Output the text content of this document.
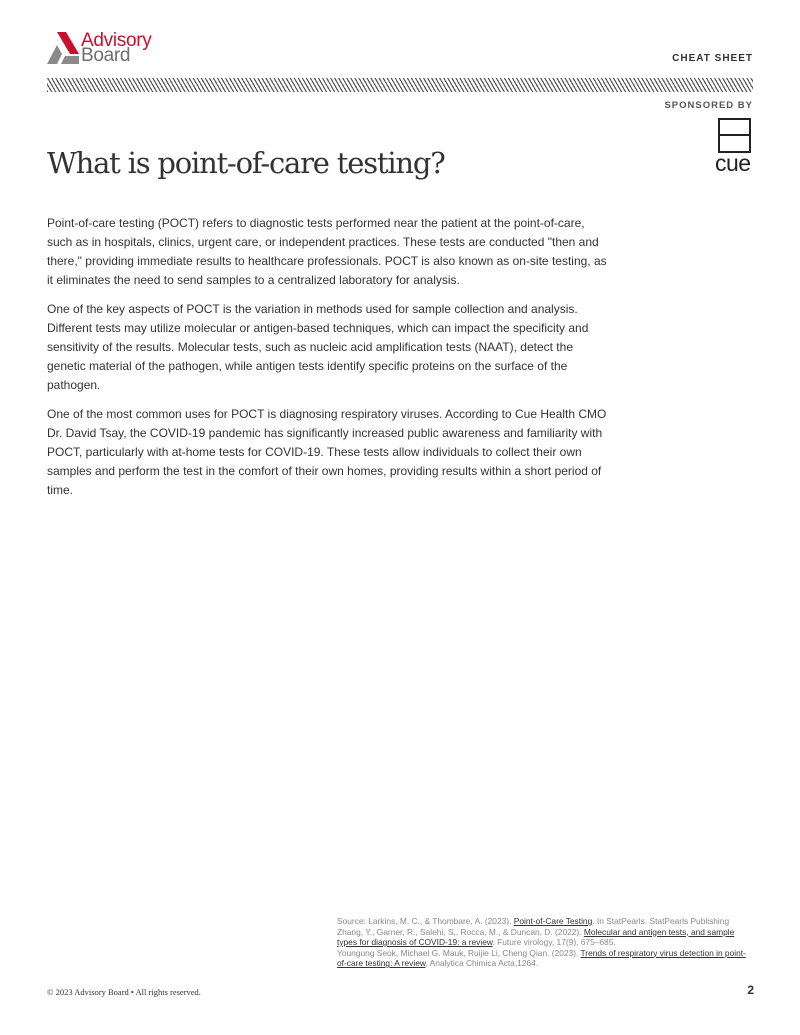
Advisory
Board	CHEAT SHEET
SPONSORED BY
cue
What is point-of-care testing?

Point-of-care testing (POCT) refers to diagnostic tests performed near the patient at the point-of-care, such as in hospitals, clinics, urgent care, or independent practices. These tests are conducted "then and there," providing immediate results to healthcare professionals. POCT is also known as on-site testing, as it eliminates the need to send samples to a centralized laboratory for analysis.

One of the key aspects of POCT is the variation in methods used for sample collection and analysis. Different tests may utilize molecular or antigen-based techniques, which can impact the specificity and sensitivity of the results. Molecular tests, such as nucleic acid amplification tests (NAAT), detect the genetic material of the pathogen, while antigen tests identify specific proteins on the surface of the pathogen.

One of the most common uses for POCT is diagnosing respiratory viruses. According to Cue Health CMO Dr. David Tsay, the COVID-19 pandemic has significantly increased public awareness and familiarity with POCT, particularly with at-home tests for COVID-19. These tests allow individuals to collect their own samples and perform the test in the comfort of their own homes, providing results within a short period of time.

Source: Larkins, M. C., & Thombare, A. (2023). Point-of-Care Testing. In StatPearls. StatPearls Publishing
Zhang, Y., Garner, R., Salehi, S., Rocca, M., & Duncan, D. (2022). Molecular and antigen tests, and sample types for diagnosis of COVID-19: a review. Future virology, 17(9), 675–685.
Youngung Seok, Michael G. Mauk, Ruijie Li, Cheng Qian. (2023). Trends of respiratory virus detection in point-of-care testing: A review, Analytica Chimica Acta,1264.
© 2023 Advisory Board • All rights reserved.	2
